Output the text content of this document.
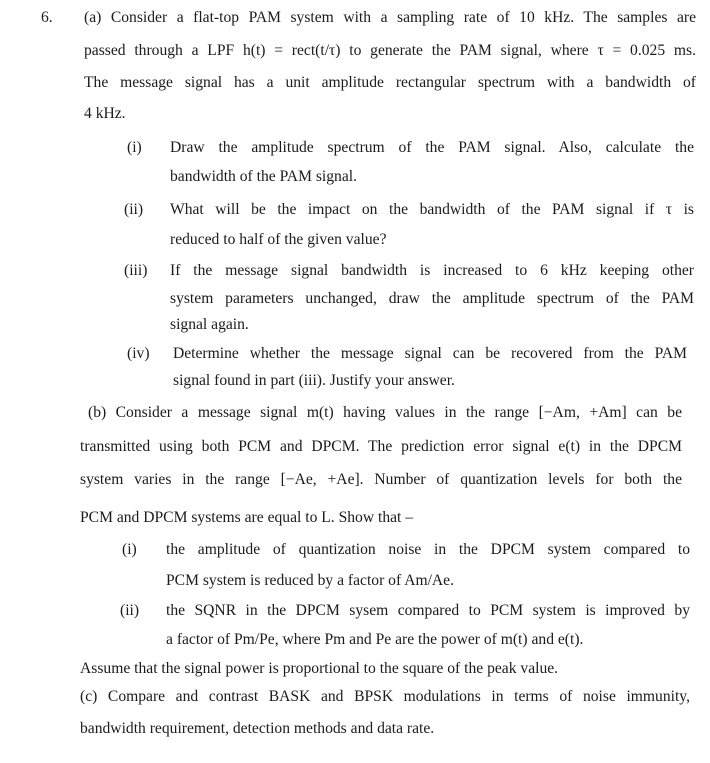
6. (a) Consider a flat-top PAM system with a sampling rate of 10 kHz. The samples are
passed through a LPF h(t) = rect(t/τ) to generate the PAM signal, where τ = 0.025 ms.
The message signal has a unit amplitude rectangular spectrum with a bandwidth of
4 kHz.
(i) Draw the amplitude spectrum of the PAM signal. Also, calculate the
bandwidth of the PAM signal.
(ii) What will be the impact on the bandwidth of the PAM signal if τ is
reduced to half of the given value?
(iii) If the message signal bandwidth is increased to 6 kHz keeping other
system parameters unchanged, draw the amplitude spectrum of the PAM
signal again.
(iv) Determine whether the message signal can be recovered from the PAM
signal found in part (iii). Justify your answer.
(b) Consider a message signal m(t) having values in the range [−Am, +Am] can be
transmitted using both PCM and DPCM. The prediction error signal e(t) in the DPCM
system varies in the range [−Ae, +Ae]. Number of quantization levels for both the
PCM and DPCM systems are equal to L. Show that –
(i) the amplitude of quantization noise in the DPCM system compared to
PCM system is reduced by a factor of Am/Ae.
(ii) the SQNR in the DPCM sysem compared to PCM system is improved by
a factor of Pm/Pe, where Pm and Pe are the power of m(t) and e(t).
Assume that the signal power is proportional to the square of the peak value.
(c) Compare and contrast BASK and BPSK modulations in terms of noise immunity,
bandwidth requirement, detection methods and data rate.
